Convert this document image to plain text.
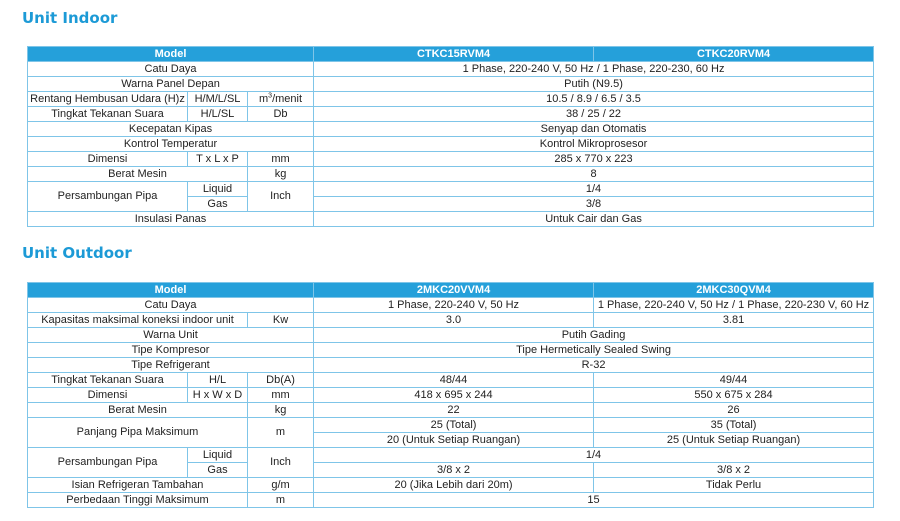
Unit Indoor
Model			CTKC15RVM4	CTKC20RVM4
Catu Daya			1 Phase, 220-240 V, 50 Hz / 1 Phase, 220-230, 60 Hz	
Warna Panel Depan			Putih (N9.5)	
Rentang Hembusan Udara (H)z	H/M/L/SL	$m^3$/menit	10.5 / 8.9 / 6.5 / 3.5	
Tingkat Tekanan Suara	H/L/SL	Db	38 / 25 / 22	
Kecepatan Kipas			Senyap dan Otomatis	
Kontrol Temperatur			Kontrol Mikroprosesor	
Dimensi	T x L x P	mm	285 x 770 x 223	
Berat Mesin		kg	8	
Persambungan Pipa	Liquid	Inch	1/4	
	Gas		3/8	
Insulasi Panas			Untuk Cair dan Gas	
Unit Outdoor
Model			2MKC20VVM4	2MKC30QVM4
Catu Daya			1 Phase, 220-240 V, 50 Hz	1 Phase, 220-240 V, 50 Hz / 1 Phase, 220-230 V, 60 Hz
Kapasitas maksimal koneksi indoor unit		Kw	3.0	3.81
Warna Unit			Putih Gading	
Tipe Kompresor			Tipe Hermetically Sealed Swing	
Tipe Refrigerant			R-32	
Tingkat Tekanan Suara	H/L	Db(A)	48/44	49/44
Dimensi	H x W x D	mm	418 x 695 x 244	550 x 675 x 284
Berat Mesin		kg	22	26
Panjang Pipa Maksimum		m	25 (Total)	35 (Total)
			20 (Untuk Setiap Ruangan)	25 (Untuk Setiap Ruangan)
Persambungan Pipa	Liquid	Inch	1/4	
	Gas		3/8 x 2	3/8 x 2
Isian Refrigeran Tambahan		g/m	20 (Jika Lebih dari 20m)	Tidak Perlu
Perbedaan Tinggi Maksimum		m	15	
